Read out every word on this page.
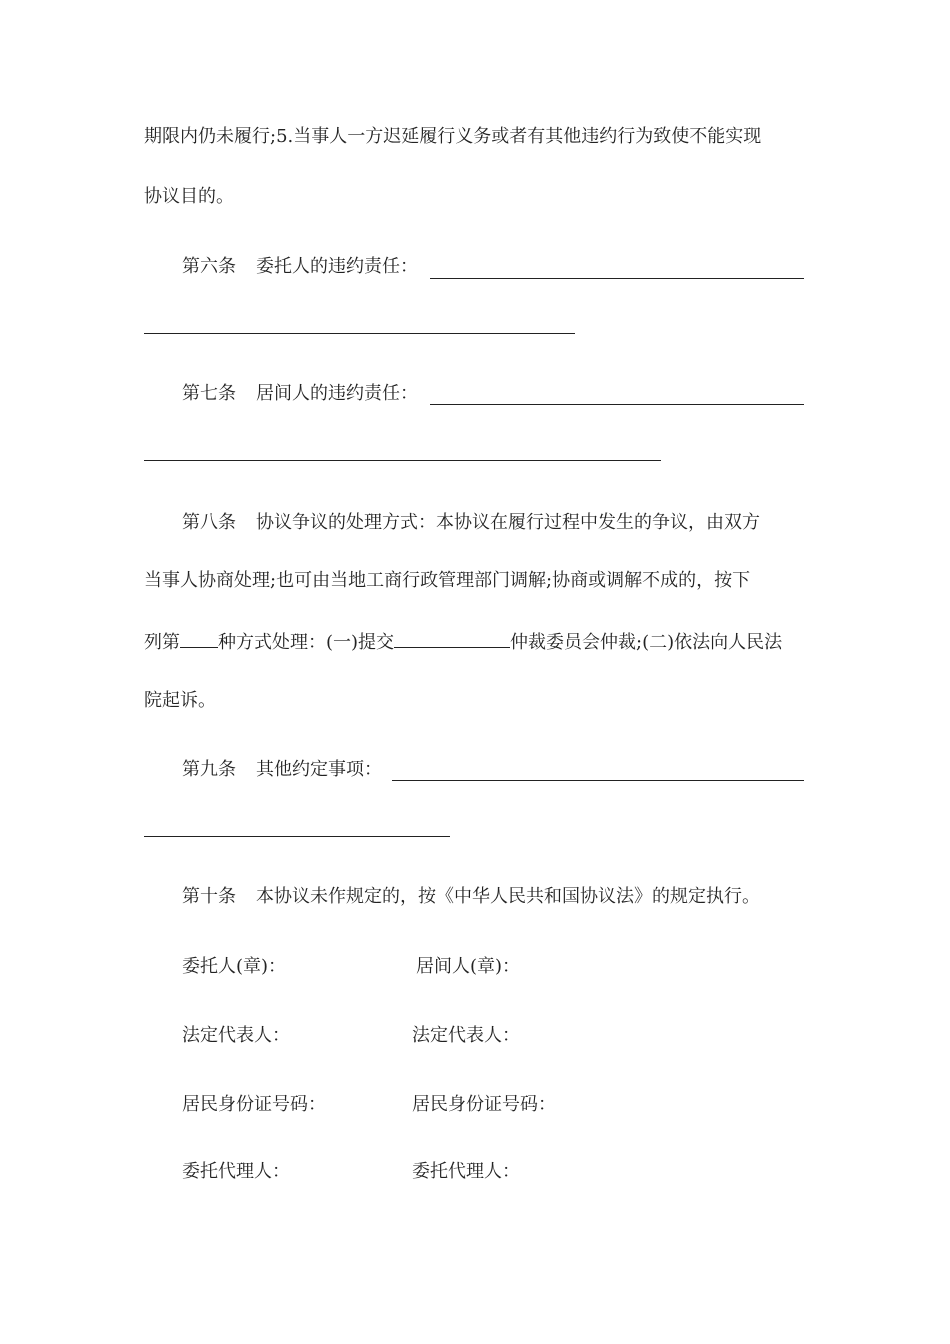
期限内仍未履行;5.当事人一方迟延履行义务或者有其他违约行为致使不能实现
协议目的。
第六条 委托人的违约责任：
第七条 居间人的违约责任：
第八条 协议争议的处理方式：本协议在履行过程中发生的争议，由双方
当事人协商处理;也可由当地工商行政管理部门调解;协商或调解不成的，按下
列第 种方式处理：(一)提交	仲裁委员会仲裁;(二)依法向人民法
院起诉。
第九条 其他约定事项：
第十条 本协议未作规定的，按《中华人民共和国协议法》的规定执行。
委托人(章)：	居间人(章)：
法定代表人：	法定代表人：
居民身份证号码：	居民身份证号码：
委托代理人：	委托代理人：
